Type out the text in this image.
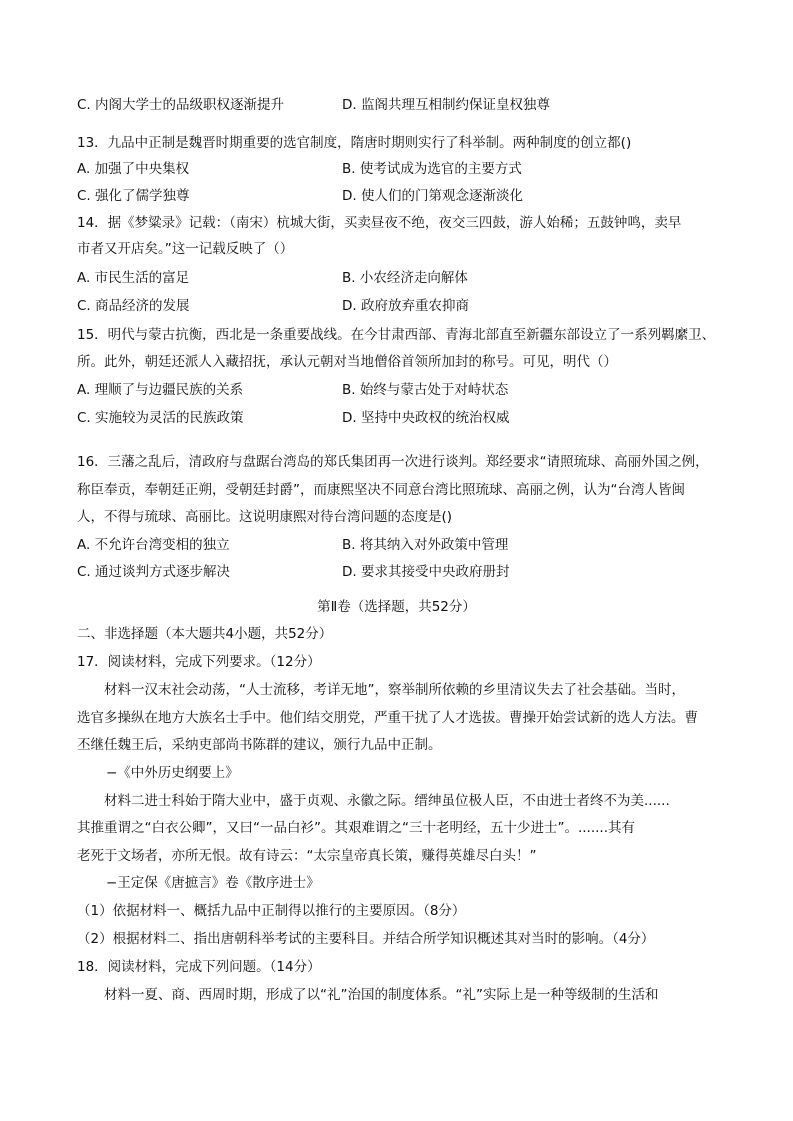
C. 内阁大学士的品级职权逐渐提升	D. 监阁共理互相制约保证皇权独尊
13．九品中正制是魏晋时期重要的选官制度，隋唐时期则实行了科举制。两种制度的创立都()
A. 加强了中央集权	B. 使考试成为选官的主要方式
C. 强化了儒学独尊	D. 使人们的门第观念逐渐淡化
14．据《梦粱录》记载：（南宋）杭城大街，买卖昼夜不绝，夜交三四鼓，游人始稀；五鼓钟鸣，卖早
市者又开店矣。”这一记载反映了（）
A. 市民生活的富足	B. 小农经济走向解体
C. 商品经济的发展	D. 政府放弃重农抑商
15．明代与蒙古抗衡，西北是一条重要战线。在今甘肃西部、青海北部直至新疆东部设立了一系列羁縻卫、
所。此外，朝廷还派人入藏招抚，承认元朝对当地僧俗首领所加封的称号。可见，明代（）
A. 理顺了与边疆民族的关系	B. 始终与蒙古处于对峙状态
C. 实施较为灵活的民族政策	D. 坚持中央政权的统治权威
16．三藩之乱后，清政府与盘踞台湾岛的郑氏集团再一次进行谈判。郑经要求“请照琉球、高丽外国之例，
称臣奉贡，奉朝廷正朔，受朝廷封爵”，而康熙坚决不同意台湾比照琉球、高丽之例，认为“台湾人皆闽
人，不得与琉球、高丽比。这说明康熙对待台湾问题的态度是()
A. 不允许台湾变相的独立	B. 将其纳入对外政策中管理
C. 通过谈判方式逐步解决	D. 要求其接受中央政府册封
第Ⅱ卷（选择题，共52分）
二、非选择题（本大题共4小题，共52分）
17．阅读材料，完成下列要求。（12分）
材料一汉末社会动荡，“人士流移，考详无地”，察举制所依赖的乡里清议失去了社会基础。当时，
选官多操纵在地方大族名士手中。他们结交朋党，严重干扰了人才选拔。曹操开始尝试新的选人方法。曹
丕继任魏王后，采纳吏部尚书陈群的建议，颁行九品中正制。
−《中外历史纲要上》
材料二进士科始于隋大业中，盛于贞观、永徽之际。缙绅虽位极人臣，不由进士者终不为美......
其推重谓之“白衣公卿”，又曰“一品白衫”。其艰难谓之“三十老明经，五十少进士”。.......其有
老死于文场者，亦所无恨。故有诗云：“太宗皇帝真长策，赚得英雄尽白头！”
−王定保《唐摭言》卷《散序进士》
（1）依据材料一、概括九品中正制得以推行的主要原因。（8分）
（2）根据材料二、指出唐朝科举考试的主要科目。并结合所学知识概述其对当时的影响。（4分）
18．阅读材料，完成下列问题。（14分）
材料一夏、商、西周时期，形成了以“礼”治国的制度体系。“礼”实际上是一种等级制的生活和
